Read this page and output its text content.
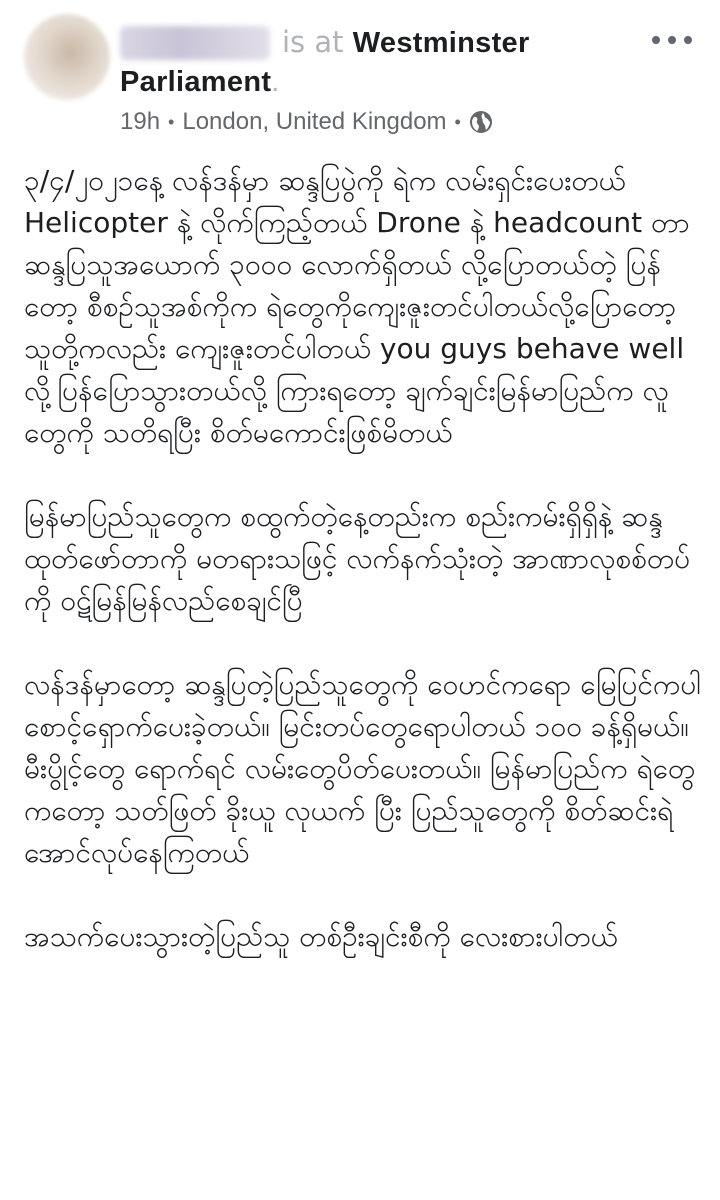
is at Westminster
Parliament.
19h • London, United Kingdom •

၃/၄/၂၀၂၁နေ့ လန်ဒန်မှာ ဆန္ဒပြပွဲကို ရဲက လမ်းရှင်းပေးတယ် Helicopter နဲ့ လိုက်ကြည့်တယ် Drone နဲ့ headcount တာ ဆန္ဒပြသူအယောက် ၃၀၀၀ လောက်ရှိတယ် လို့ပြောတယ်တဲ့ ပြန်တော့ စီစဉ်သူအစ်ကိုက ရဲတွေကိုကျေးဇူးတင်ပါတယ်လို့ပြောတော့ သူတို့ကလည်း ကျေးဇူးတင်ပါတယ် you guys behave well လို့ပြန်ပြောသွားတယ်လို့ ကြားရတော့ ချက်ချင်းမြန်မာပြည်က လူတွေကို သတိရပြီး စိတ်မကောင်းဖြစ်မိတယ်

မြန်မာပြည်သူတွေက စထွက်တဲ့နေ့တည်းက စည်းကမ်းရှိရှိနဲ့ ဆန္ဒထုတ်ဖော်တာကို မတရားသဖြင့် လက်နက်သုံးတဲ့ အာဏာလုစစ်တပ်ကို ဝဋ်မြန်မြန်လည်စေချင်ပြီ

လန်ဒန်မှာတော့ ဆန္ဒပြတဲ့ပြည်သူတွေကို ဝေဟင်ကရော မြေပြင်ကပါ စောင့်ရှောက်ပေးခဲ့တယ်။ မြင်းတပ်တွေရောပါတယ် ၁၀၀ ခန့်ရှိမယ်။ မီးပွိုင့်တွေ ရောက်ရင် လမ်းတွေပိတ်ပေးတယ်။ မြန်မာပြည်က ရဲတွေကတော့ သတ်ဖြတ် ခိုးယူ လုယက် ပြီး ပြည်သူတွေကို စိတ်ဆင်းရဲအောင်လုပ်နေကြတယ်

အသက်ပေးသွားတဲ့ပြည်သူ တစ်ဦးချင်းစီကို လေးစားပါတယ်
